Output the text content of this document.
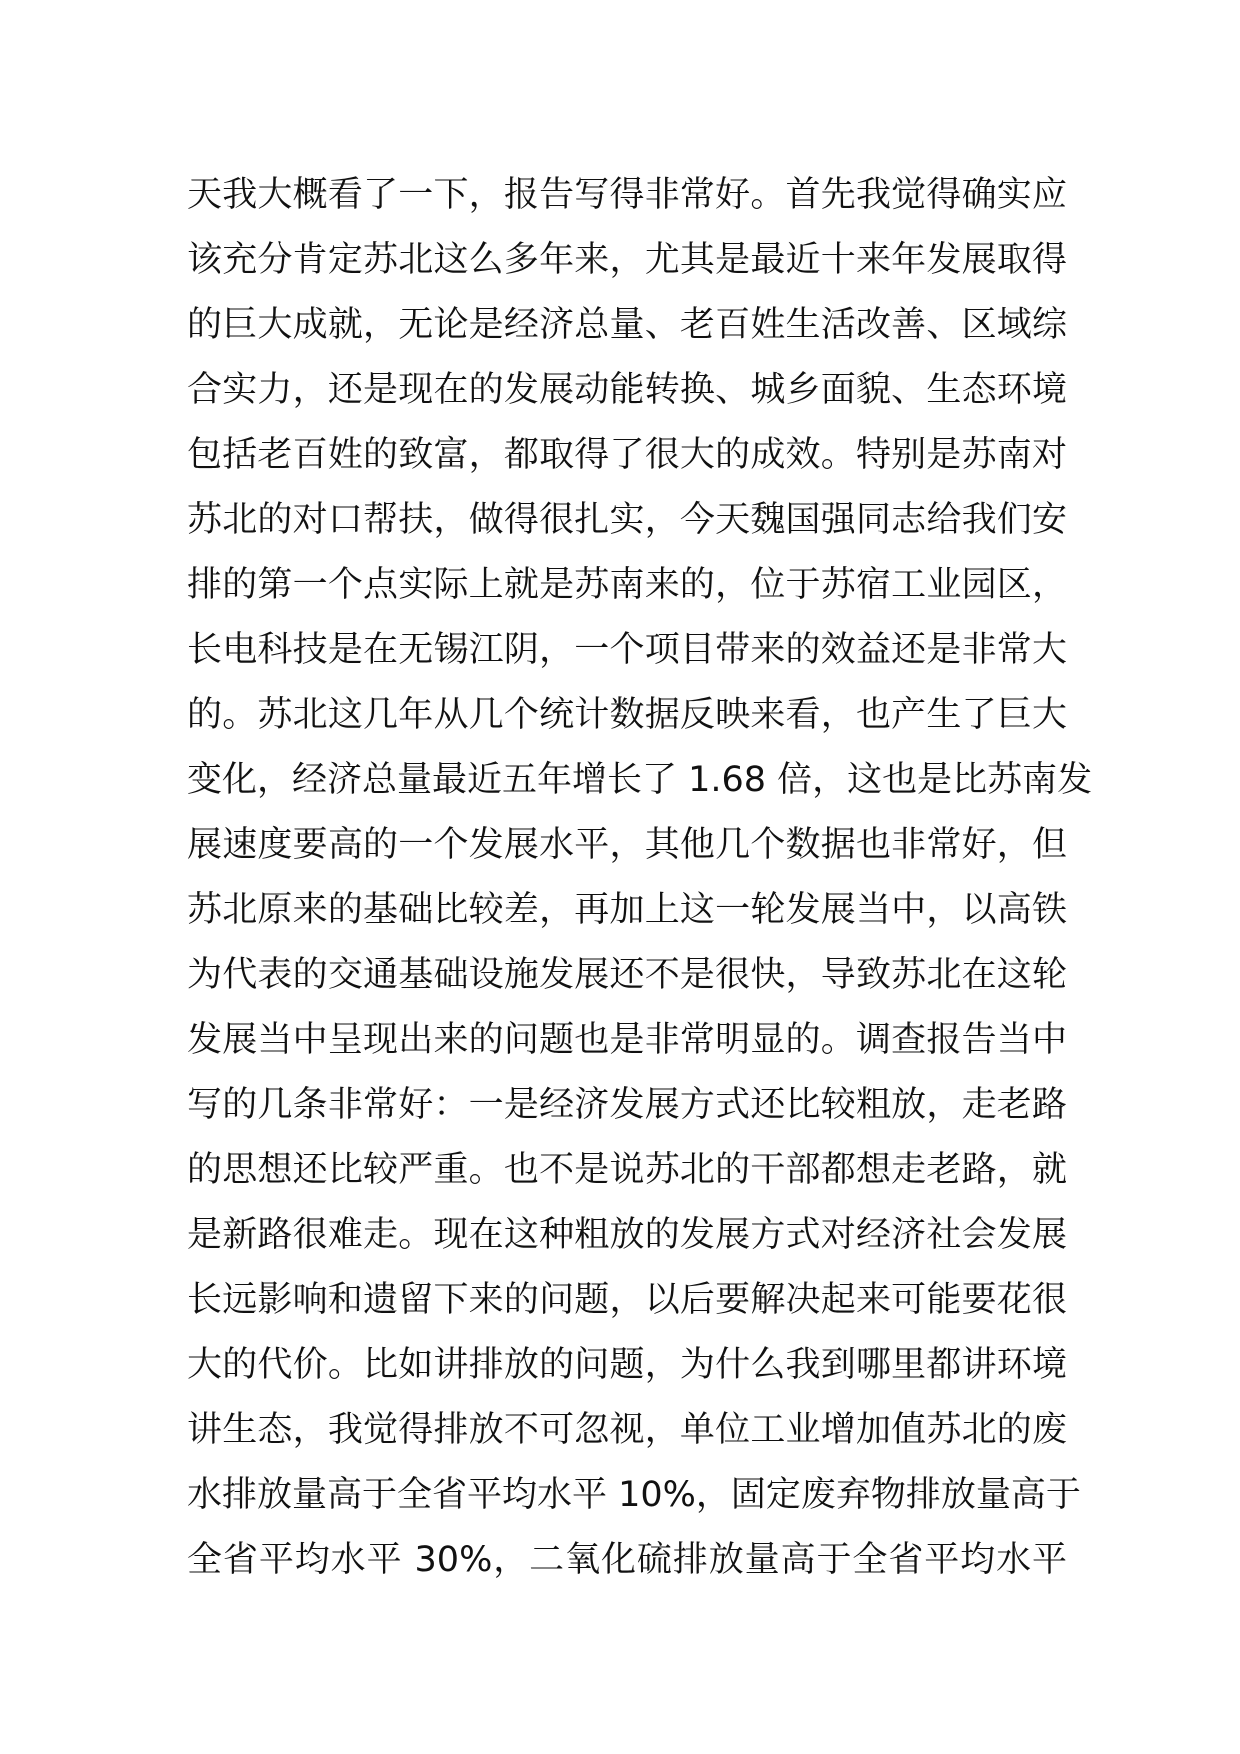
天我大概看了一下，报告写得非常好。首先我觉得确实应
该充分肯定苏北这么多年来，尤其是最近十来年发展取得
的巨大成就，无论是经济总量、老百姓生活改善、区域综
合实力，还是现在的发展动能转换、城乡面貌、生态环境
包括老百姓的致富，都取得了很大的成效。特别是苏南对
苏北的对口帮扶，做得很扎实，今天魏国强同志给我们安
排的第一个点实际上就是苏南来的，位于苏宿工业园区，
长电科技是在无锡江阴，一个项目带来的效益还是非常大
的。苏北这几年从几个统计数据反映来看，也产生了巨大
变化，经济总量最近五年增长了 1.68 倍，这也是比苏南发
展速度要高的一个发展水平，其他几个数据也非常好，但
苏北原来的基础比较差，再加上这一轮发展当中，以高铁
为代表的交通基础设施发展还不是很快，导致苏北在这轮
发展当中呈现出来的问题也是非常明显的。调查报告当中
写的几条非常好：一是经济发展方式还比较粗放，走老路
的思想还比较严重。也不是说苏北的干部都想走老路，就
是新路很难走。现在这种粗放的发展方式对经济社会发展
长远影响和遗留下来的问题，以后要解决起来可能要花很
大的代价。比如讲排放的问题，为什么我到哪里都讲环境
讲生态，我觉得排放不可忽视，单位工业增加值苏北的废
水排放量高于全省平均水平 10%，固定废弃物排放量高于
全省平均水平 30%，二氧化硫排放量高于全省平均水平
